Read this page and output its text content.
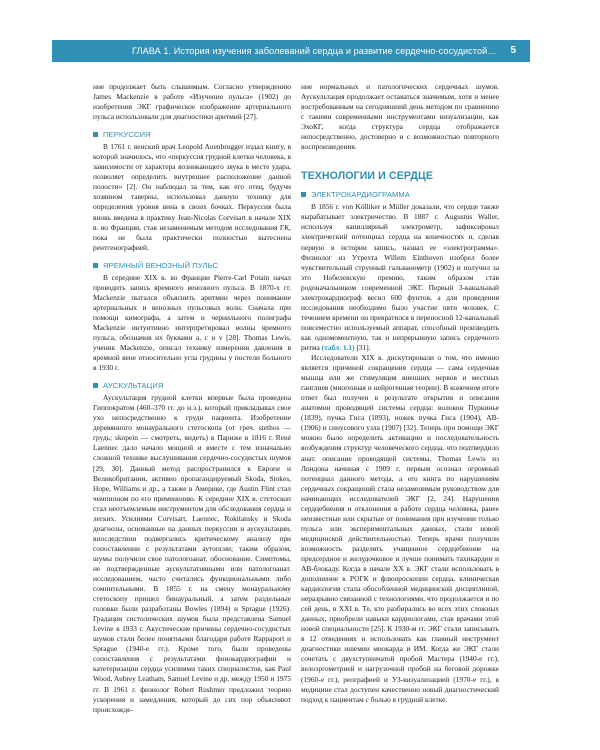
ГЛАВА 1. История изучения заболеваний сердца и развитие сердечно-сосудистой… 5

ние продолжает быть слышимым. Согласно утверждению James Mackenzie в работе «Изучение пульса» (1902) до изобретения ЭКГ графическое изображение артериального пульса использовали для диагностики аритмий [27].

ПЕРКУССИЯ

В 1761 г. венский врач Leopold Auenbrugger издал книгу, в которой значилось, что «перкуссия грудной клетки человека, в зависимости от характера возникающего звука в месте удара, позволяет определить внутреннее расположение данной полости» [2]. Он наблюдал за тем, как его отец, будучи хозяином таверны, использовал данную технику для определения уровня вина в своих бочках. Перкуссия была вновь введена в практику Jean-Nicolas Corvisart в начале XIX в. во Франции, став незаменимым методом исследования ГК, пока не была практически полностью вытеснена рентгенографией.

ЯРЕМНЫЙ ВЕНОЗНЫЙ ПУЛЬС

В середине XIX в. во Франции Pierre-Carl Potain начал проводить запись яремного венозного пульса. В 1870-х гг. Mackenzie пытался объяснить аритмии через понимание артериальных и венозных пульсовых волн. Сначала при помощи кимографа, а затем и чернильного полиграфа Mackenzie интуитивно интерпретировал волны яремного пульса, обозначив их буквами a, c и v [28]. Thomas Lewis, ученик Mackenzie, описал технику измерения давления в яремной вене относительно угла грудины у постели больного в 1930 г.

АУСКУЛЬТАЦИЯ

Аускультация грудной клетки впервые была проведена Гиппократом (460–370 гг. до н.э.), который прикладывал свое ухо непосредственно к груди пациента. Изобретение деревянного монаурального стетоскопа (от греч. stethos — грудь; skopein — смотреть, видеть) в Париже в 1816 г. René Laennec дало начало мощной и вместе с тем изначально сложной технике выслушивания сердечно-сосудистых шумов [29, 30]. Данный метод распространился в Европе и Великобритании, активно пропагандируемый Skoda, Stokes, Hope, Williams и др., а также в Америке, где Austin Flint стал чемпионом по его применению. К середине XIX в. стетоскоп стал неотъемлемым инструментом для обследования сердца и легких. Усилиями Corvisart, Laennec, Rokitansky и Skoda диагнозы, основанные на данных перкуссии и аускультации, впоследствии подвергались критическому анализу при сопоставлении с результатами аутопсии; таким образом, шумы получили свое патологоанат. обоснование. Симптомы, не подтвержденные аускультативными или патологоанат. исследованием, часто считались функциональными либо сомнительными. В 1855 г. на смену монауральному стетоскопу пришел бинауральный, а затем раздельные головки были разработаны Bowles (1894) и Sprague (1926). Градация систолических шумов была представлена Samuel Levine в 1933 г. Акустические причины сердечно-сосудистых шумов стали более понятными благодаря работе Rappaport и Sprague (1940-е гг.). Кроме того, были проведены сопоставления с результатами фонокардиографии и катетеризации сердца усилиями таких специалистов, как Paul Wood, Aubrey Leatham, Samuel Levine и др. между 1950 и 1975 гг. В 1961 г. физиолог Robert Rushmer предложил теорию ускорения и замедления, который до сих пор объясняют происхожде-

ние нормальных и патологических сердечных шумов. Аускультация продолжает оставаться значимым, хотя и менее востребованным на сегодняшний день методом по сравнению с такими современными инструментами визуализации, как ЭхоКГ, когда структура сердца отображается непосредственно, достоверно и с возможностью повторного воспроизведения.

ТЕХНОЛОГИИ И СЕРДЦЕ
ЭЛЕКТРОКАРДИОГРАММА

В 1856 г. von Kölliker и Müller доказали, что сердце также вырабатывает электричество. В 1887 г. Augustus Waller, используя капиллярный электрометр, зафиксировал электрический потенциал сердца на конечностях и, сделав первую в истории запись, назвал ее «электрограмма». Физиолог из Утрехта Willem Einthoven изобрел более чувствительный струнный гальванометр (1902) и получил за это Нобелевскую премию, таким образом став родоначальником современной ЭКГ. Первый 3-канальный электрокардиограф весил 600 фунтов, а для проведения исследования необходимо было участие пяти человек. С течением времени он превратился в переносной 12-канальный повсеместно используемый аппарат, способный производить как одномоментную, так и непрерывную запись сердечного ритма (табл. 1.1) [31].

Исследователи XIX в. дискутировали о том, что именно является причиной сокращения сердца — сама сердечная мышца или же стимуляция внешних нервов и местных ганглиев (миогенная и нейрогенная теории). В конечном итоге ответ был получен в результате открытия и описания анатомии проводящей системы сердца: волокон Пуркинье (1839), пучка Гиса (1893), ножек пучка Гиса (1904), АВ- (1906) и синусового узла (1907) [32]. Теперь при помощи ЭКГ можно было определить активацию и последовательность возбуждения структур человеческого сердца, что подтвердило анат. описание проводящей системы. Thomas Lewis из Лондона начиная с 1909 г. первым осознал огромный потенциал данного метода, а его книга по нарушениям сердечных сокращений стала незаменимым руководством для начинающих исследователей ЭКГ [2, 24]. Нарушения сердцебиения и отклонения в работе сердца человека, ранее неизвестные или скрытые от понимания при изучении только пульса или экспериментальных данных, стали новой медицинской действительностью. Теперь врачи получили возможность разделять учащенное сердцебиение на предсердное и желудочковое и лучше понимать тахикардии и АВ-блокаду. Когда в начале XX в. ЭКГ стали использовать в дополнение к РОГК и флюороскопии сердца, клиническая кардиология стала обособленной медицинской дисциплиной, неразрывно связанной с технологиями, что продолжается и по сей день, в XXI в. Те, кто разбирались во всех этих сложных данных, приобрели навыки кардиологами, став врачами этой новой специальности [25]. К 1930-м гг. ЭКГ стали записывать в 12 отведениях и использовать как главный инструмент диагностики ишемии миокарда и ИМ. Когда же ЭКГ стали сочетать с двухступенчатой пробой Мастера (1940-е гг.), велоэргометрией и нагрузочной пробой на беговой дорожке (1960-е гг.), реографией и УЗ-визуализацией (1970-е гг.), в медицине стал доступен качественно новый диагностический подход к пациентам с болью в грудной клетке.
